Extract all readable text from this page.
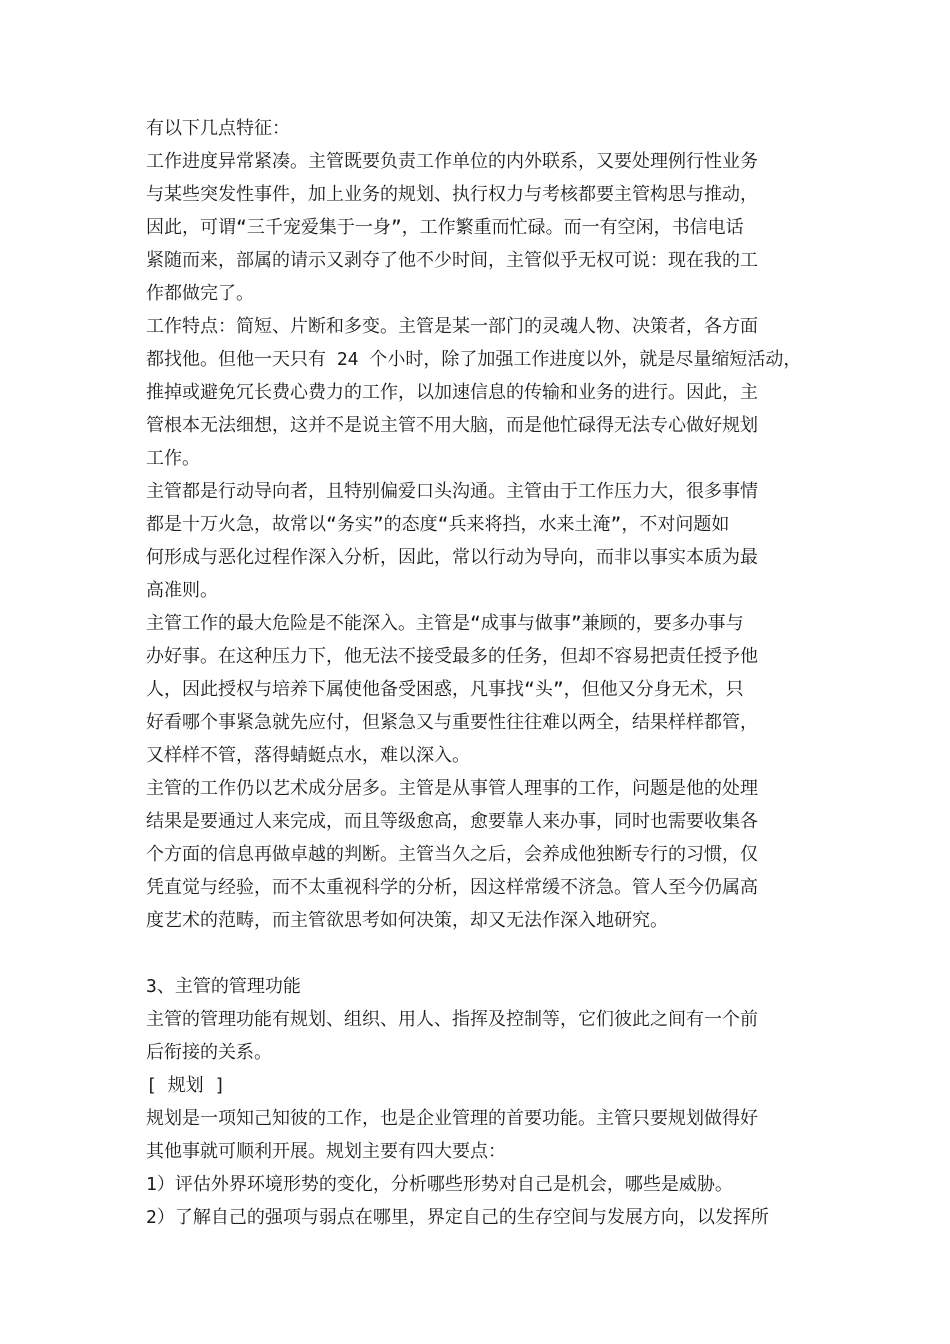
有以下几点特征：
工作进度异常紧凑。主管既要负责工作单位的内外联系，又要处理例行性业务
与某些突发性事件，加上业务的规划、执行权力与考核都要主管构思与推动，
因此，可谓“三千宠爱集于一身”，工作繁重而忙碌。而一有空闲，书信电话
紧随而来，部属的请示又剥夺了他不少时间，主管似乎无权可说：现在我的工
作都做完了。
工作特点：简短、片断和多变。主管是某一部门的灵魂人物、决策者，各方面
都找他。但他一天只有 24 个小时，除了加强工作进度以外，就是尽量缩短活动，
推掉或避免冗长费心费力的工作，以加速信息的传输和业务的进行。因此，主
管根本无法细想，这并不是说主管不用大脑，而是他忙碌得无法专心做好规划
工作。
主管都是行动导向者，且特别偏爱口头沟通。主管由于工作压力大，很多事情
都是十万火急，故常以“务实”的态度“兵来将挡，水来土淹”，不对问题如
何形成与恶化过程作深入分析，因此，常以行动为导向，而非以事实本质为最
高准则。
主管工作的最大危险是不能深入。主管是“成事与做事”兼顾的，要多办事与
办好事。在这种压力下，他无法不接受最多的任务，但却不容易把责任授予他
人，因此授权与培养下属使他备受困惑，凡事找“头”，但他又分身无术，只
好看哪个事紧急就先应付，但紧急又与重要性往往难以两全，结果样样都管，
又样样不管，落得蜻蜓点水，难以深入。
主管的工作仍以艺术成分居多。主管是从事管人理事的工作，问题是他的处理
结果是要通过人来完成，而且等级愈高，愈要靠人来办事，同时也需要收集各
个方面的信息再做卓越的判断。主管当久之后，会养成他独断专行的习惯，仅
凭直觉与经验，而不太重视科学的分析，因这样常缓不济急。管人至今仍属高
度艺术的范畴，而主管欲思考如何决策，却又无法作深入地研究。
3、主管的管理功能
主管的管理功能有规划、组织、用人、指挥及控制等，它们彼此之间有一个前
后衔接的关系。
[ 规划 ]
规划是一项知己知彼的工作，也是企业管理的首要功能。主管只要规划做得好
其他事就可顺利开展。规划主要有四大要点：
1）评估外界环境形势的变化，分析哪些形势对自己是机会，哪些是威胁。
2）了解自己的强项与弱点在哪里，界定自己的生存空间与发展方向，以发挥所
